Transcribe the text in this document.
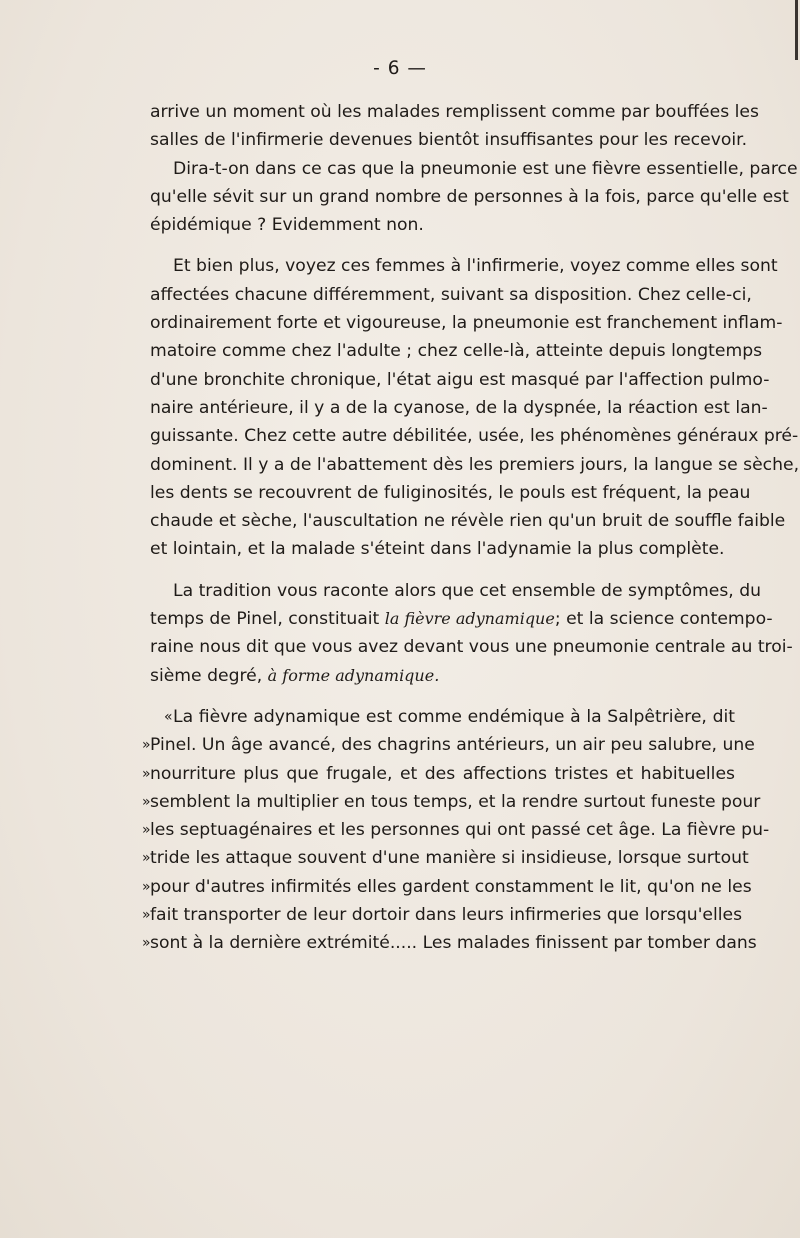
- 6 —
arrive un moment où les malades remplissent comme par bouffées les
salles de l'infirmerie devenues bientôt insuffisantes pour les recevoir.
Dira-t-on dans ce cas que la pneumonie est une fièvre essentielle, parce
qu'elle sévit sur un grand nombre de personnes à la fois, parce qu'elle est
épidémique ? Evidemment non.
Et bien plus, voyez ces femmes à l'infirmerie, voyez comme elles sont
affectées chacune différemment, suivant sa disposition. Chez celle-ci,
ordinairement forte et vigoureuse, la pneumonie est franchement inflam-
matoire comme chez l'adulte ; chez celle-là, atteinte depuis longtemps
d'une bronchite chronique, l'état aigu est masqué par l'affection pulmo-
naire antérieure, il y a de la cyanose, de la dyspnée, la réaction est lan-
guissante. Chez cette autre débilitée, usée, les phénomènes généraux pré-
dominent. Il y a de l'abattement dès les premiers jours, la langue se sèche,
les dents se recouvrent de fuliginosités, le pouls est fréquent, la peau
chaude et sèche, l'auscultation ne révèle rien qu'un bruit de souffle faible
et lointain, et la malade s'éteint dans l'adynamie la plus complète.
La tradition vous raconte alors que cet ensemble de symptômes, du
temps de Pinel, constituait la fièvre adynamique; et la science contempo-
raine nous dit que vous avez devant vous une pneumonie centrale au troi-
sième degré, à forme adynamique.
« La fièvre adynamique est comme endémique à la Salpêtrière, dit
» Pinel. Un âge avancé, des chagrins antérieurs, un air peu salubre, une
» nourriture plus que frugale, et des affections tristes et habituelles
» semblent la multiplier en tous temps, et la rendre surtout funeste pour
» les septuagénaires et les personnes qui ont passé cet âge. La fièvre pu-
» tride les attaque souvent d'une manière si insidieuse, lorsque surtout
» pour d'autres infirmités elles gardent constamment le lit, qu'on ne les
» fait transporter de leur dortoir dans leurs infirmeries que lorsqu'elles
» sont à la dernière extrémité..... Les malades finissent par tomber dans
